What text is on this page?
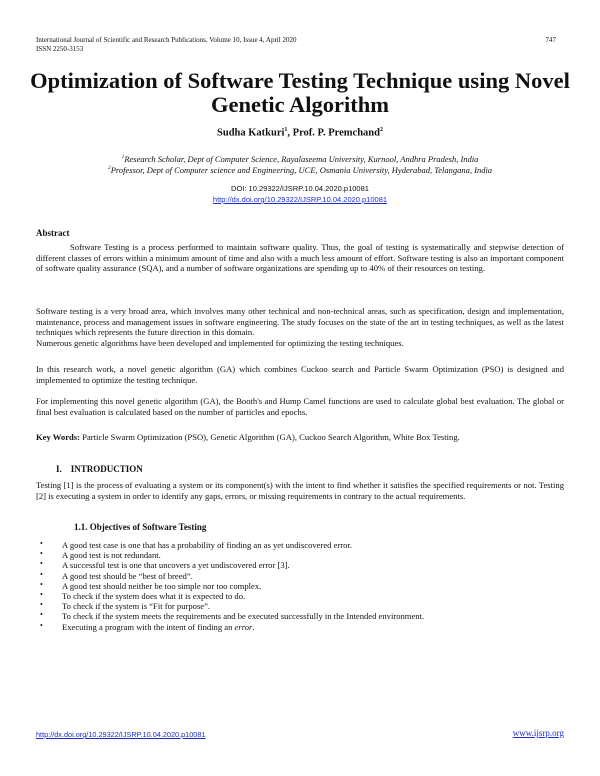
International Journal of Scientific and Research Publications, Volume 10, Issue 4, April 2020
ISSN 2250-3153
747
Optimization of Software Testing Technique using Novel
Genetic Algorithm
Sudha Katkuri$^1$, Prof. P. Premchand$^2$
$^1$Research Scholar, Dept of Computer Science, Rayalaseema University, Kurnool, Andhra Pradesh, India
$^2$Professor, Dept of Computer science and Engineering, UCE, Osmania University, Hyderabad, Telangana, India
DOI: 10.29322/IJSRP.10.04.2020.p10081
http://dx.doi.org/10.29322/IJSRP.10.04.2020.p10081
Abstract
Software Testing is a process performed to maintain software quality. Thus, the goal of testing is systematically and stepwise detection of different classes of errors within a minimum amount of time and also with a much less amount of effort. Software testing is also an important component of software quality assurance (SQA), and a number of software organizations are spending up to 40% of their resources on testing.
Software testing is a very broad area, which involves many other technical and non-technical areas, such as specification, design and implementation, maintenance, process and management issues in software engineering. The study focuses on the state of the art in testing techniques, as well as the latest techniques which represents the future direction in this domain.
Numerous genetic algorithms have been developed and implemented for optimizing the testing techniques.
In this research work, a novel genetic algorithm (GA) which combines Cuckoo search and Particle Swarm Optimization (PSO) is designed and implemented to optimize the testing technique.
For implementing this novel genetic algorithm (GA), the Booth's and Hump Camel functions are used to calculate global best evaluation. The global or final best evaluation is calculated based on the number of particles and epochs.
Key Words: Particle Swarm Optimization (PSO), Genetic Algorithm (GA), Cuckoo Search Algorithm, White Box Testing.
I.    INTRODUCTION
Testing [1] is the process of evaluating a system or its component(s) with the intent to find whether it satisfies the specified requirements or not. Testing [2] is executing a system in order to identify any gaps, errors, or missing requirements in contrary to the actual requirements.
1.1. Objectives of Software Testing
• A good test case is one that has a probability of finding an as yet undiscovered error.
• A good test is not redundant.
• A successful test is one that uncovers a yet undiscovered error [3].
• A good test should be “best of breed”.
• A good test should neither be too simple nor too complex.
• To check if the system does what it is expected to do.
• To check if the system is “Fit for purpose”.
• To check if the system meets the requirements and be executed successfully in the Intended environment.
• Executing a program with the intent of finding an error.
http://dx.doi.org/10.29322/IJSRP.10.04.2020.p10081	www.ijsrp.org
